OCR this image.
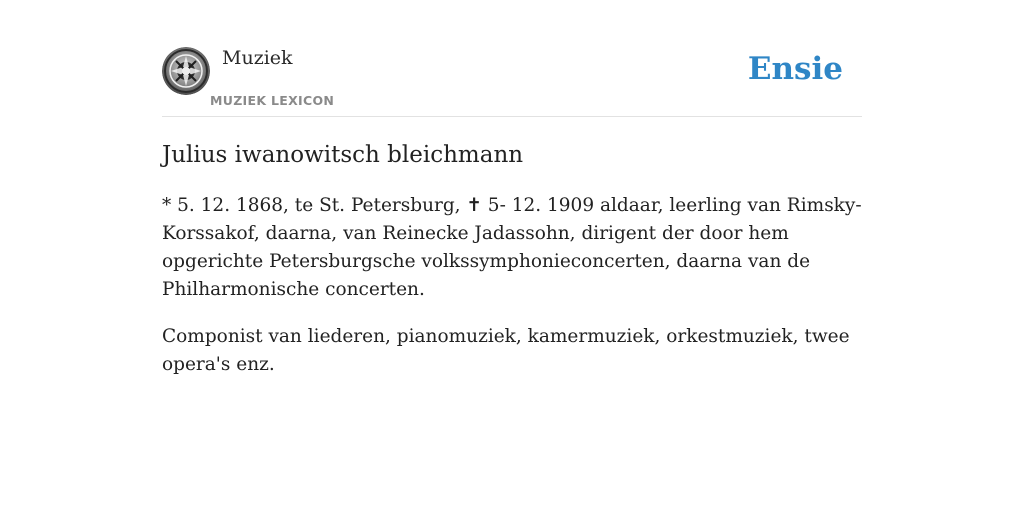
Muziek
MUZIEK LEXICON
Ensie
Julius iwanowitsch bleichmann

* 5. 12. 1868, te St. Petersburg, ✝ 5- 12. 1909 aldaar, leerling van Rimsky-Korssakof, daarna, van Reinecke Jadassohn, dirigent der door hem opgerichte Petersburgsche volkssymphonieconcerten, daarna van de Philharmonische concerten.

Componist van liederen, pianomuziek, kamermuziek, orkestmuziek, twee opera's enz.
